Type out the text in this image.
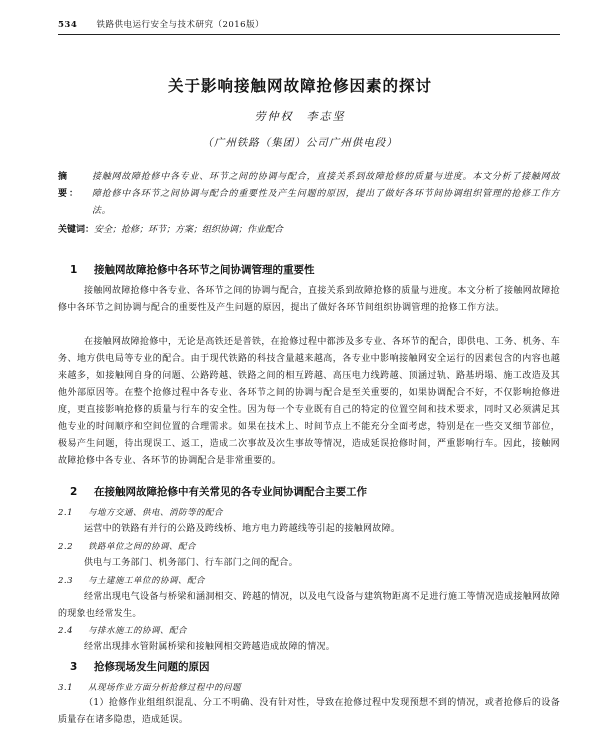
534 铁路供电运行安全与技术研究（2016版）
关于影响接触网故障抢修因素的探讨
劳仲权　李志坚
（广州铁路（集团）公司广州供电段）
摘　要：
接触网故障抢修中各专业、环节之间的协调与配合，直接关系到故障抢修的质量与进度。本文分析了接触网故障抢修中各环节之间协调与配合的重要性及产生问题的原因，提出了做好各环节间协调组织管理的抢修工作方法。
关键词：安全；抢修；环节；方案；组织协调；作业配合
1 接触网故障抢修中各环节之间协调管理的重要性
接触网故障抢修中各专业、各环节之间的协调与配合，直接关系到故障抢修的质量与进度。本文分析了接触网故障抢修中各环节之间协调与配合的重要性及产生问题的原因，提出了做好各环节间组织协调管理的抢修工作方法。
在接触网故障抢修中，无论是高铁还是普铁，在抢修过程中都涉及多专业、各环节的配合，即供电、工务、机务、车务、地方供电局等专业的配合。由于现代铁路的科技含量越来越高，各专业中影响接触网安全运行的因素包含的内容也越来越多，如接触网自身的问题、公路跨越、铁路之间的相互跨越、高压电力线跨越、顶涵过轨、路基坍塌、施工改造及其他外部原因等。在整个抢修过程中各专业、各环节之间的协调与配合是至关重要的，如果协调配合不好，不仅影响抢修进度，更直接影响抢修的质量与行车的安全性。因为每一个专业既有自己的特定的位置空间和技术要求，同时又必须满足其他专业的时间顺序和空间位置的合理需求。如果在技术上、时间节点上不能充分全面考虑，特别是在一些交叉细节部位，极易产生问题，待出现误工、返工，造成二次事故及次生事故等情况，造成延误抢修时间，严重影响行车。因此，接触网故障抢修中各专业、各环节的协调配合是非常重要的。
2 在接触网故障抢修中有关常见的各专业间协调配合主要工作
2.1 与地方交通、供电、消防等的配合
运营中的铁路有并行的公路及跨线桥、地方电力跨越线等引起的接触网故障。
2.2 铁路单位之间的协调、配合
供电与工务部门、机务部门、行车部门之间的配合。
2.3 与土建施工单位的协调、配合
经常出现电气设备与桥梁和涵洞相交、跨越的情况，以及电气设备与建筑物距离不足进行施工等情况造成接触网故障的现象也经常发生。
2.4 与排水施工的协调、配合
经常出现排水管附属桥梁和接触网相交跨越造成故障的情况。
3 抢修现场发生问题的原因
3.1 从现场作业方面分析抢修过程中的问题
（1）抢修作业组组织混乱、分工不明确、没有针对性，导致在抢修过程中发现预想不到的情况，或者抢修后的设备质量存在诸多隐患，造成延误。
